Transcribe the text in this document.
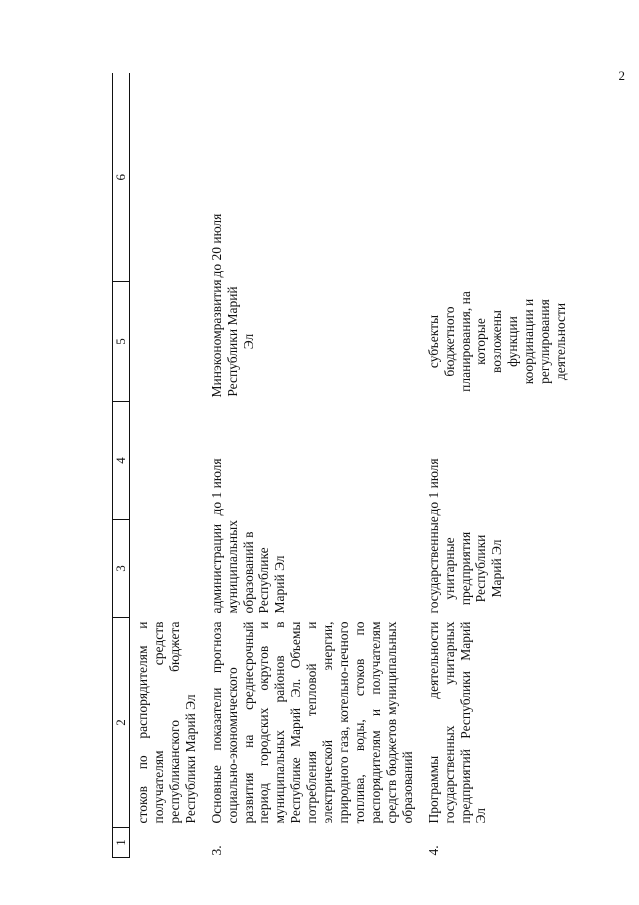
2
1	2	3	4	5	6
	стоков по распорядителям и получателям средств республиканского бюджета Республики Марий Эл				
3.	Основные показатели прогноза социально-экономического развития на среднесрочный период городских округов и муниципальных районов в Республике Марий Эл. Объемы потребления тепловой и электрической энергии, природного газа, котельно-печного топлива, воды, стоков по распорядителям и получателям средств бюджетов муниципальных образований	администрации муниципальных образований в Республике Марий Эл	до 1 июля	Минэкономразвития Республики Марий Эл	до 20 июля
4.	Программы деятельности государственных унитарных предприятий Республики Марий Эл	государственные унитарные предприятия Республики Марий Эл	до 1 июля	субъекты бюджетного планирования, на которые возложены функции координации и регулирования деятельности	
